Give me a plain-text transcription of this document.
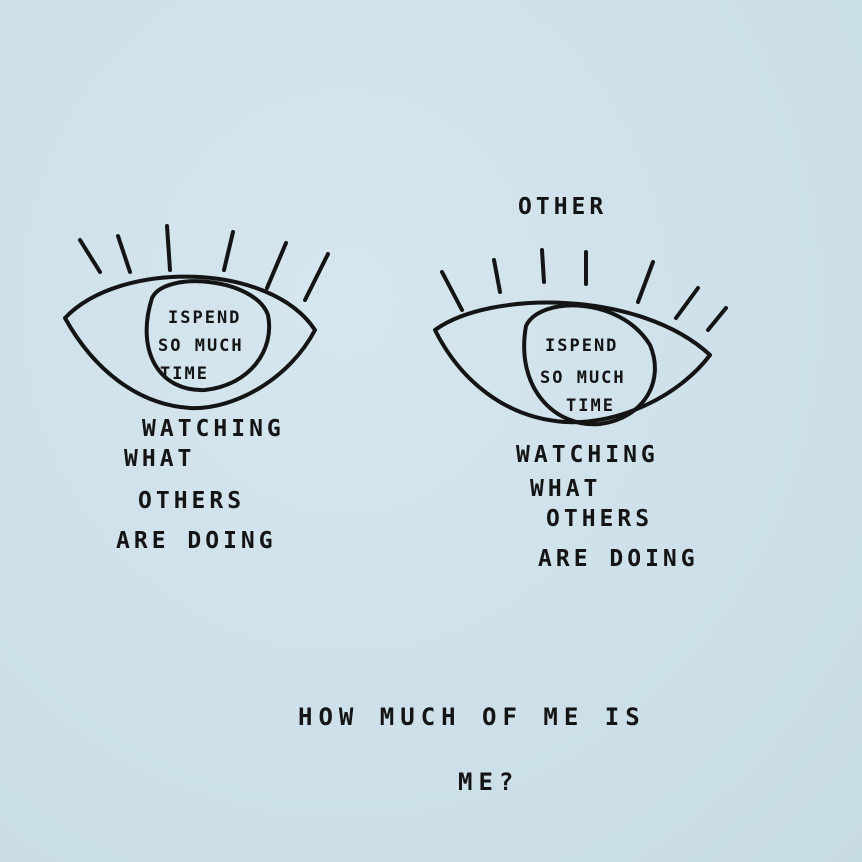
ISPEND
SO MUCH
TIME
WATCHING
WHAT
OTHERS
ARE DOING
OTHER
ISPEND
SO MUCH
TIME
WATCHING
WHAT
OTHERS
ARE DOING
HOW MUCH OF ME IS
ME?
